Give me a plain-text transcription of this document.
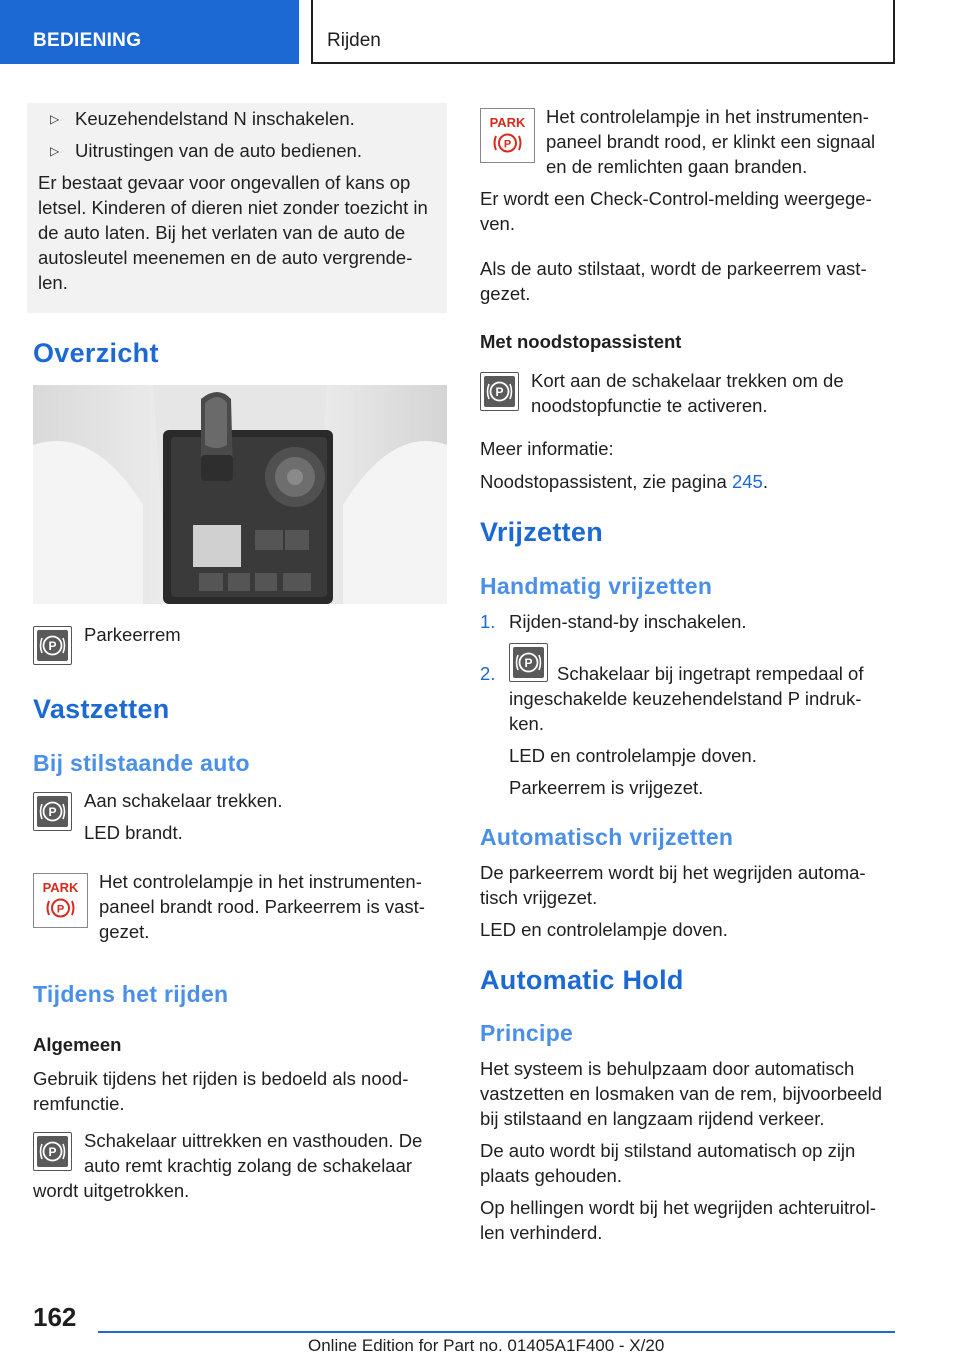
BEDIENING	Rijden
▷ Keuzehendelstand N inschakelen.
▷ Uitrustingen van de auto bedienen.
Er bestaat gevaar voor ongevallen of kans op
letsel. Kinderen of dieren niet zonder toezicht in
de auto laten. Bij het verlaten van de auto de
autosleutel meenemen en de auto vergrende-
len.
Overzicht
P
Parkeerrem
Vastzetten
Bij stilstaande auto
P
Aan schakelaar trekken.
LED brandt.
PARK
P
Het controlelampje in het instrumenten-
paneel brandt rood. Parkeerrem is vast-
gezet.
Tijdens het rijden
Algemeen
Gebruik tijdens het rijden is bedoeld als nood-
remfunctie.
P
Schakelaar uittrekken en vasthouden. De
auto remt krachtig zolang de schakelaar
wordt uitgetrokken.
PARK
P
Het controlelampje in het instrumenten-
paneel brandt rood, er klinkt een signaal
en de remlichten gaan branden.
Er wordt een Check-Control-melding weergege-
ven.
Als de auto stilstaat, wordt de parkeerrem vast-
gezet.
Met noodstopassistent
P
Kort aan de schakelaar trekken om de
noodstopfunctie te activeren.
Meer informatie:
Noodstopassistent, zie pagina 245.
Vrijzetten
Handmatig vrijzetten
1. Rijden-stand-by inschakelen.
2. P Schakelaar bij ingetrapt rempedaal of
ingeschakelde keuzehendelstand P indruk-
ken.
LED en controlelampje doven.
Parkeerrem is vrijgezet.
Automatisch vrijzetten
De parkeerrem wordt bij het wegrijden automa-
tisch vrijgezet.
LED en controlelampje doven.
Automatic Hold
Principe
Het systeem is behulpzaam door automatisch
vastzetten en losmaken van de rem, bijvoorbeeld
bij stilstaand en langzaam rijdend verkeer.
De auto wordt bij stilstand automatisch op zijn
plaats gehouden.
Op hellingen wordt bij het wegrijden achteruitrol-
len verhinderd.
162
Online Edition for Part no. 01405A1F400 - X/20
